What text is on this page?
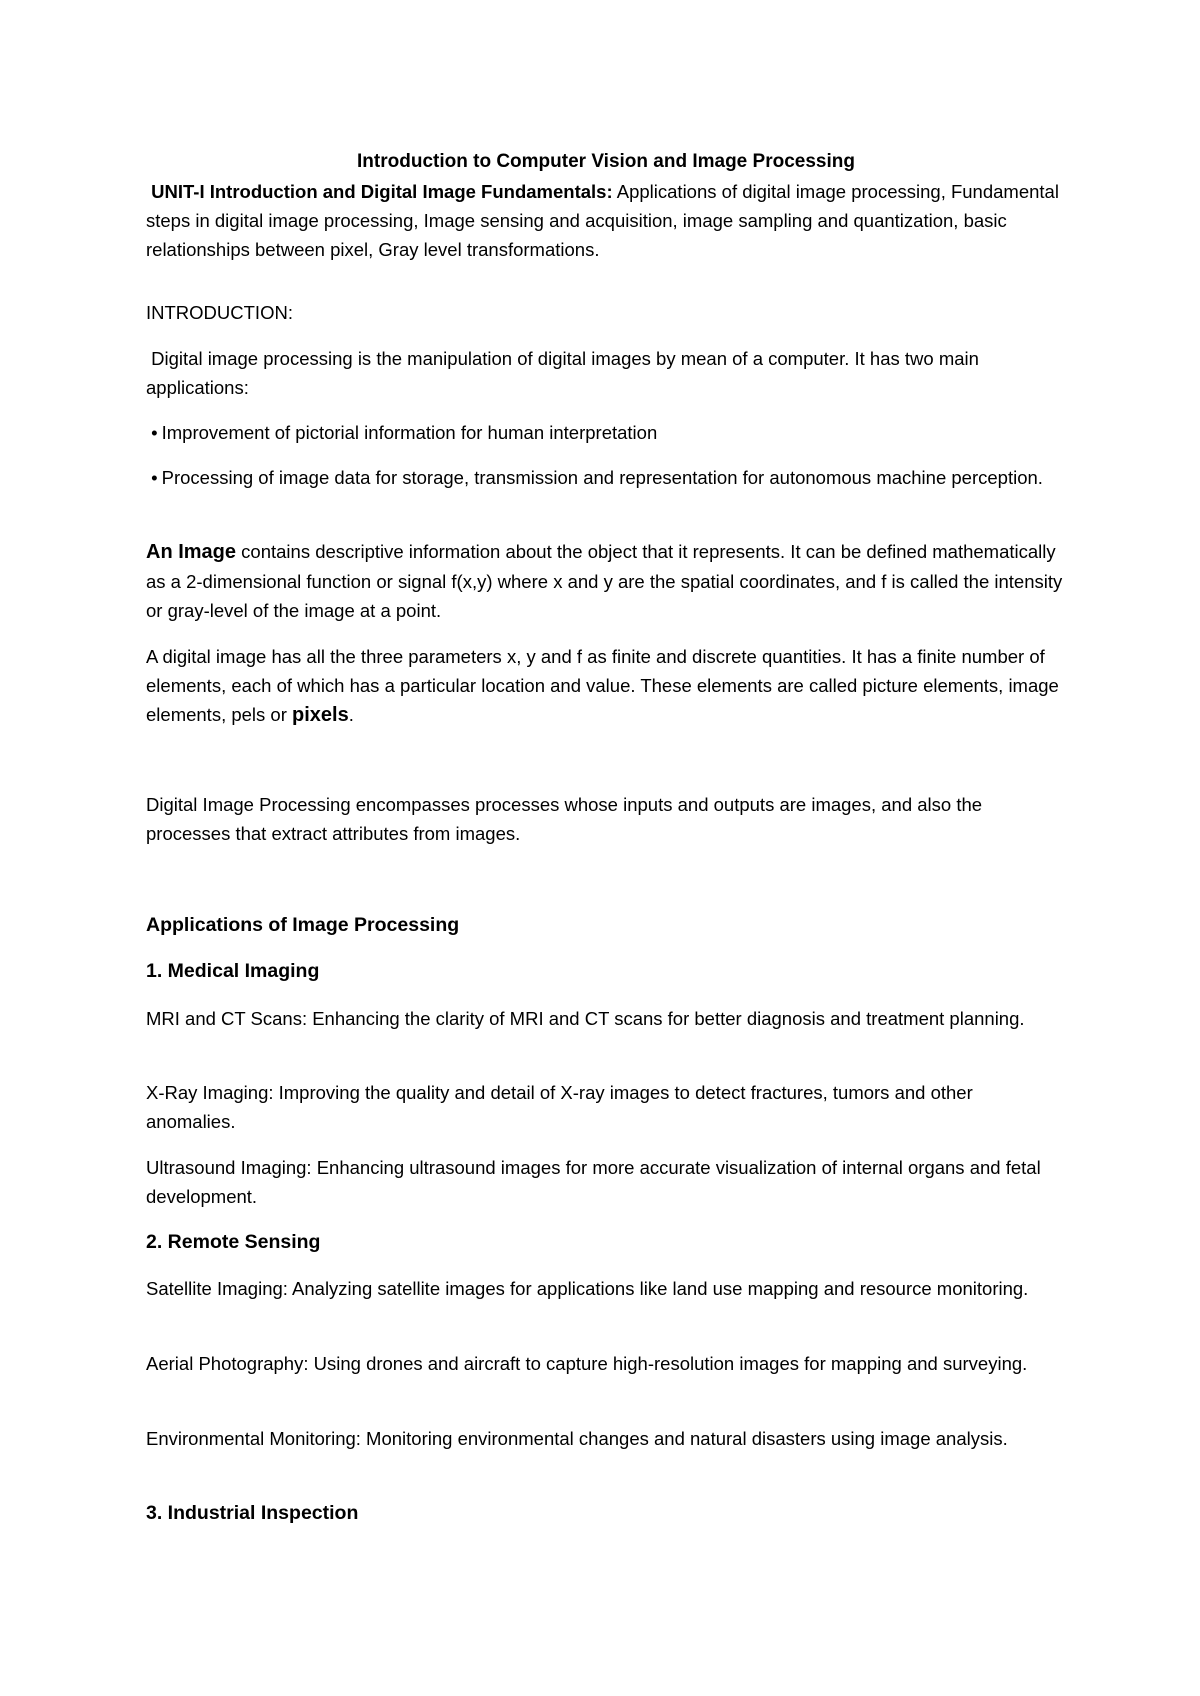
Introduction to Computer Vision and Image Processing

UNIT-I Introduction and Digital Image Fundamentals: Applications of digital image processing, Fundamental steps in digital image processing, Image sensing and acquisition, image sampling and quantization, basic relationships between pixel, Gray level transformations.

INTRODUCTION:

Digital image processing is the manipulation of digital images by mean of a computer. It has two main applications:

• Improvement of pictorial information for human interpretation

• Processing of image data for storage, transmission and representation for autonomous machine perception.

An Image contains descriptive information about the object that it represents. It can be defined mathematically as a 2-dimensional function or signal f(x,y) where x and y are the spatial coordinates, and f is called the intensity or gray-level of the image at a point.

A digital image has all the three parameters x, y and f as finite and discrete quantities. It has a finite number of elements, each of which has a particular location and value. These elements are called picture elements, image elements, pels or pixels.

Digital Image Processing encompasses processes whose inputs and outputs are images, and also the processes that extract attributes from images.

Applications of Image Processing

1. Medical Imaging

MRI and CT Scans: Enhancing the clarity of MRI and CT scans for better diagnosis and treatment planning.

X-Ray Imaging: Improving the quality and detail of X-ray images to detect fractures, tumors and other anomalies.

Ultrasound Imaging: Enhancing ultrasound images for more accurate visualization of internal organs and fetal development.

2. Remote Sensing

Satellite Imaging: Analyzing satellite images for applications like land use mapping and resource monitoring.

Aerial Photography: Using drones and aircraft to capture high-resolution images for mapping and surveying.

Environmental Monitoring: Monitoring environmental changes and natural disasters using image analysis.

3. Industrial Inspection
